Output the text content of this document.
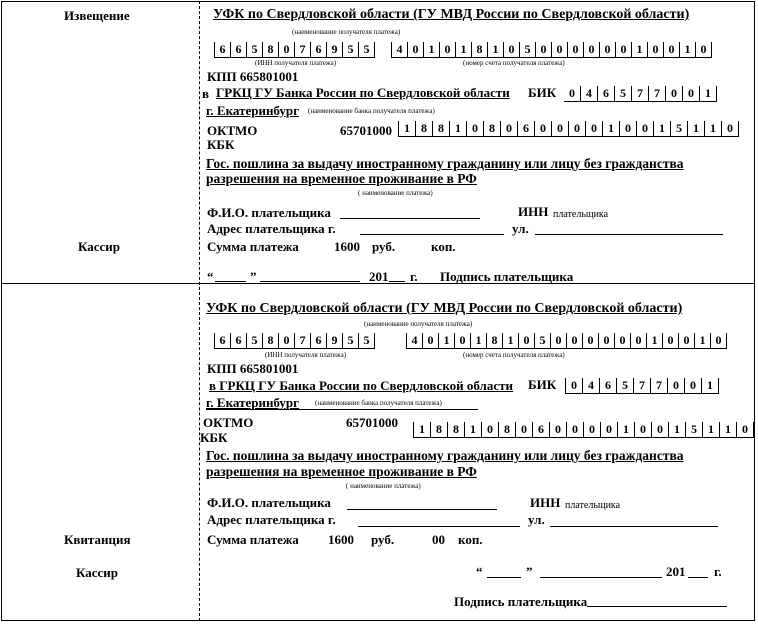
Извещение
Кассир
УФК по Свердловской области (ГУ МВД России по Свердловской области)
(наименование получателя платежа)
6 6 5 8 0 7 6 9 5 5
(ИНН получателя платежа)
4 0 1 0 1 8 1 0 5 0 0 0 0 0 0 1 0 0 1 0
(номер счета получателя платежа)
КПП 665801001
в ГРКЦ ГУ Банка России по Свердловской области БИК	0 4 6 5 7 7 0 0 1
г. Екатеринбург (наименование банка получателя платежа)
ОКТМО	65701000
КБК
1 8 8 1 0 8 0 6 0 0 0 0 1 0 0 1 5 1 1 0
Гос. пошлина за выдачу иностранному гражданину или лицу без гражданства
разрешения на временное проживание в РФ
( наименование платежа)
Ф.И.О. плательщика	ИНН плательщика
Адрес плательщика г.	ул.
Сумма платежа	1600 руб.	коп.
“	”	201 г. Подпись плательщика
Квитанция
Кассир
УФК по Свердловской области (ГУ МВД России по Свердловской области)
(наименование получателя платежа)
6 6 5 8 0 7 6 9 5 5
(ИНН получателя платежа)
4 0 1 0 1 8 1 0 5 0 0 0 0 0 0 1 0 0 1 0
(номер счета получателя платежа)
КПП 665801001
в ГРКЦ ГУ Банка России по Свердловской области БИК	0 4 6 5 7 7 0 0 1
г. Екатеринбург (наименование банка получателя платежа)
ОКТМО	65701000
КБК
1 8 8 1 0 8 0 6 0 0 0 0 1 0 0 1 5 1 1 0
Гос. пошлина за выдачу иностранному гражданину или лицу без гражданства
разрешения на временное проживание в РФ
( наименование платежа)
Ф.И.О. плательщика	ИНН плательщика
Адрес плательщика г.	ул.
Сумма платежа 1600 руб.	00 коп.
“	”	201 г.
Подпись плательщика
